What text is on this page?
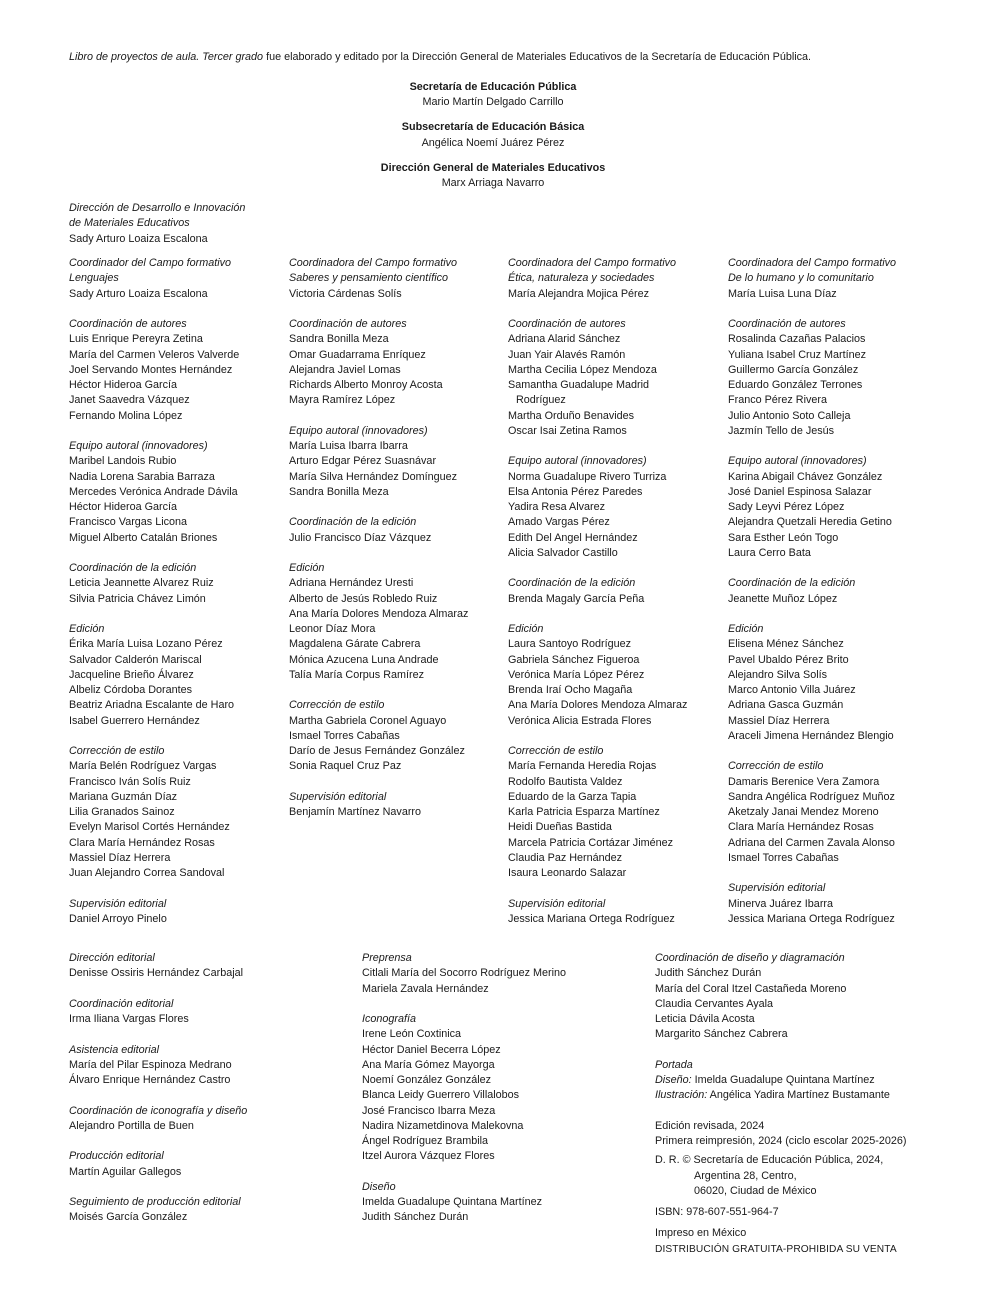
Libro de proyectos de aula. Tercer grado fue elaborado y editado por la Dirección General de Materiales Educativos de la Secretaría de Educación Pública.
Secretaría de Educación Pública
Mario Martín Delgado Carrillo
Subsecretaría de Educación Básica
Angélica Noemí Juárez Pérez
Dirección General de Materiales Educativos
Marx Arriaga Navarro
Dirección de Desarrollo e Innovación
de Materiales Educativos
Sady Arturo Loaiza Escalona
Coordinador del Campo formativo
Lenguajes
Sady Arturo Loaiza Escalona
Coordinación de autores
Luis Enrique Pereyra Zetina
María del Carmen Veleros Valverde
Joel Servando Montes Hernández
Héctor Hideroa García
Janet Saavedra Vázquez
Fernando Molina López
Equipo autoral (innovadores)
Maribel Landois Rubio
Nadia Lorena Sarabia Barraza
Mercedes Verónica Andrade Dávila
Héctor Hideroa García
Francisco Vargas Licona
Miguel Alberto Catalán Briones
Coordinación de la edición
Leticia Jeannette Alvarez Ruiz
Silvia Patricia Chávez Limón
Edición
Érika María Luisa Lozano Pérez
Salvador Calderón Mariscal
Jacqueline Brieño Álvarez
Albeliz Córdoba Dorantes
Beatriz Ariadna Escalante de Haro
Isabel Guerrero Hernández
Corrección de estilo
María Belén Rodríguez Vargas
Francisco Iván Solís Ruiz
Mariana Guzmán Díaz
Lilia Granados Sainoz
Evelyn Marisol Cortés Hernández
Clara María Hernández Rosas
Massiel Díaz Herrera
Juan Alejandro Correa Sandoval
Supervisión editorial
Daniel Arroyo Pinelo
Coordinadora del Campo formativo
Saberes y pensamiento científico
Victoria Cárdenas Solís
Coordinación de autores
Sandra Bonilla Meza
Omar Guadarrama Enríquez
Alejandra Javiel Lomas
Richards Alberto Monroy Acosta
Mayra Ramírez López
Equipo autoral (innovadores)
María Luisa Ibarra Ibarra
Arturo Edgar Pérez Suasnávar
María Silva Hernández Domínguez
Sandra Bonilla Meza
Coordinación de la edición
Julio Francisco Díaz Vázquez
Edición
Adriana Hernández Uresti
Alberto de Jesús Robledo Ruiz
Ana María Dolores Mendoza Almaraz
Leonor Díaz Mora
Magdalena Gárate Cabrera
Mónica Azucena Luna Andrade
Talía María Corpus Ramírez
Corrección de estilo
Martha Gabriela Coronel Aguayo
Ismael Torres Cabañas
Darío de Jesus Fernández González
Sonia Raquel Cruz Paz
Supervisión editorial
Benjamín Martínez Navarro
Coordinadora del Campo formativo
Ética, naturaleza y sociedades
María Alejandra Mojica Pérez
Coordinación de autores
Adriana Alarid Sánchez
Juan Yair Alavés Ramón
Martha Cecilia López Mendoza
Samantha Guadalupe Madrid
Rodríguez
Martha Orduño Benavides
Oscar Isai Zetina Ramos
Equipo autoral (innovadores)
Norma Guadalupe Rivero Turriza
Elsa Antonia Pérez Paredes
Yadira Resa Alvarez
Amado Vargas Pérez
Edith Del Angel Hernández
Alicia Salvador Castillo
Coordinación de la edición
Brenda Magaly García Peña
Edición
Laura Santoyo Rodríguez
Gabriela Sánchez Figueroa
Verónica María López Pérez
Brenda Iraí Ocho Magaña
Ana María Dolores Mendoza Almaraz
Verónica Alicia Estrada Flores
Corrección de estilo
María Fernanda Heredia Rojas
Rodolfo Bautista Valdez
Eduardo de la Garza Tapia
Karla Patricia Esparza Martínez
Heidi Dueñas Bastida
Marcela Patricia Cortázar Jiménez
Claudia Paz Hernández
Isaura Leonardo Salazar
Supervisión editorial
Jessica Mariana Ortega Rodríguez
Coordinadora del Campo formativo
De lo humano y lo comunitario
María Luisa Luna Díaz
Coordinación de autores
Rosalinda Cazañas Palacios
Yuliana Isabel Cruz Martínez
Guillermo García González
Eduardo González Terrones
Franco Pérez Rivera
Julio Antonio Soto Calleja
Jazmín Tello de Jesús
Equipo autoral (innovadores)
Karina Abigail Chávez González
José Daniel Espinosa Salazar
Sady Leyvi Pérez López
Alejandra Quetzali Heredia Getino
Sara Esther León Togo
Laura Cerro Bata
Coordinación de la edición
Jeanette Muñoz López
Edición
Elisena Ménez Sánchez
Pavel Ubaldo Pérez Brito
Alejandro Silva Solís
Marco Antonio Villa Juárez
Adriana Gasca Guzmán
Massiel Díaz Herrera
Araceli Jimena Hernández Blengio
Corrección de estilo
Damaris Berenice Vera Zamora
Sandra Angélica Rodríguez Muñoz
Aketzaly Janai Mendez Moreno
Clara María Hernández Rosas
Adriana del Carmen Zavala Alonso
Ismael Torres Cabañas
Supervisión editorial
Minerva Juárez Ibarra
Jessica Mariana Ortega Rodríguez
Dirección editorial
Denisse Ossiris Hernández Carbajal
Coordinación editorial
Irma Iliana Vargas Flores
Asistencia editorial
María del Pilar Espinoza Medrano
Álvaro Enrique Hernández Castro
Coordinación de iconografía y diseño
Alejandro Portilla de Buen
Producción editorial
Martín Aguilar Gallegos
Seguimiento de producción editorial
Moisés García González
Preprensa
Citlali María del Socorro Rodríguez Merino
Mariela Zavala Hernández
Iconografía
Irene León Coxtinica
Héctor Daniel Becerra López
Ana María Gómez Mayorga
Noemí González González
Blanca Leidy Guerrero Villalobos
José Francisco Ibarra Meza
Nadira Nizametdinova Malekovna
Ángel Rodríguez Brambila
Itzel Aurora Vázquez Flores
Diseño
Imelda Guadalupe Quintana Martínez
Judith Sánchez Durán
Coordinación de diseño y diagramación
Judith Sánchez Durán
María del Coral Itzel Castañeda Moreno
Claudia Cervantes Ayala
Leticia Dávila Acosta
Margarito Sánchez Cabrera
Portada
Diseño: Imelda Guadalupe Quintana Martínez
Ilustración: Angélica Yadira Martínez Bustamante
Edición revisada, 2024
Primera reimpresión, 2024 (ciclo escolar 2025-2026)
D. R. © Secretaría de Educación Pública, 2024,
Argentina 28, Centro,
06020, Ciudad de México
ISBN: 978-607-551-964-7
Impreso en México
DISTRIBUCIÓN GRATUITA-PROHIBIDA SU VENTA
